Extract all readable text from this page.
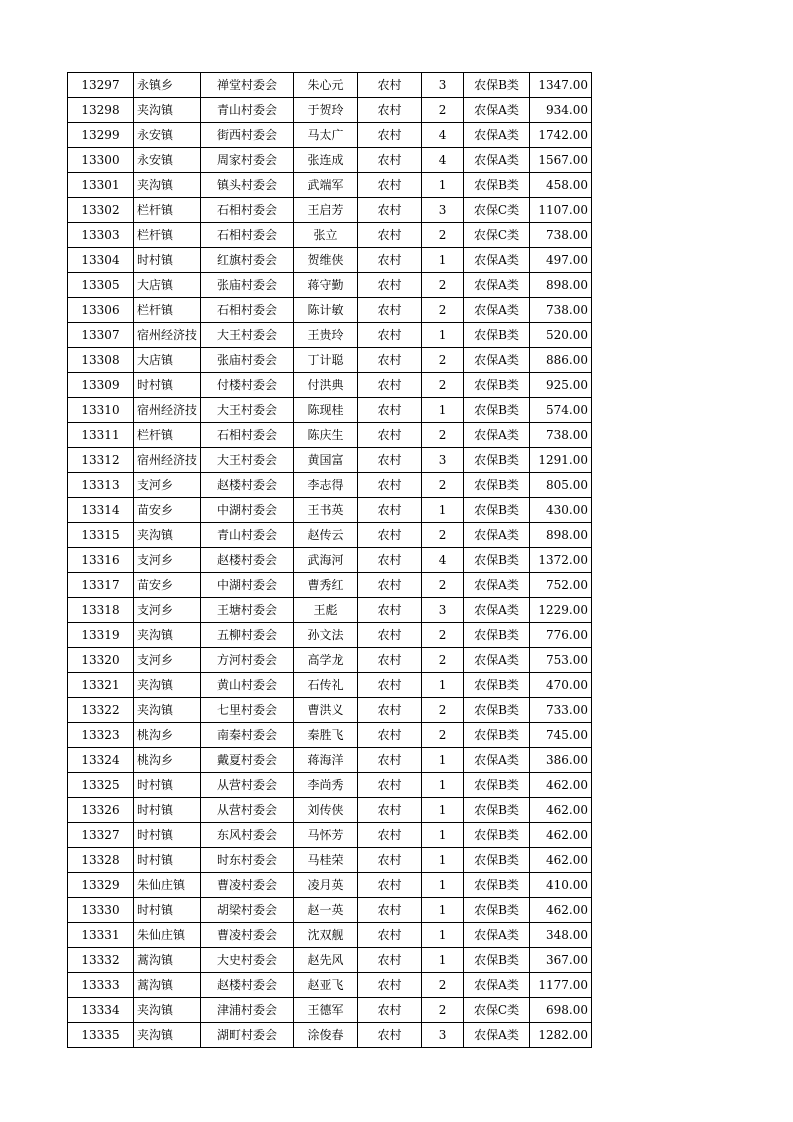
13297	永镇乡	禅堂村委会	朱心元	农村	3	农保B类	1347.00
13298	夹沟镇	青山村委会	于贺玲	农村	2	农保A类	934.00
13299	永安镇	街西村委会	马太广	农村	4	农保A类	1742.00
13300	永安镇	周家村委会	张连成	农村	4	农保A类	1567.00
13301	夹沟镇	镇头村委会	武端军	农村	1	农保B类	458.00
13302	栏杆镇	石相村委会	王启芳	农村	3	农保C类	1107.00
13303	栏杆镇	石相村委会	张立	农村	2	农保C类	738.00
13304	时村镇	红旗村委会	贺维侠	农村	1	农保A类	497.00
13305	大店镇	张庙村委会	蒋守勤	农村	2	农保A类	898.00
13306	栏杆镇	石相村委会	陈计敏	农村	2	农保A类	738.00
13307	宿州经济技	大王村委会	王贵玲	农村	1	农保B类	520.00
13308	大店镇	张庙村委会	丁计聪	农村	2	农保A类	886.00
13309	时村镇	付楼村委会	付洪典	农村	2	农保B类	925.00
13310	宿州经济技	大王村委会	陈现桂	农村	1	农保B类	574.00
13311	栏杆镇	石相村委会	陈庆生	农村	2	农保A类	738.00
13312	宿州经济技	大王村委会	黄国富	农村	3	农保B类	1291.00
13313	支河乡	赵楼村委会	李志得	农村	2	农保B类	805.00
13314	苗安乡	中湖村委会	王书英	农村	1	农保B类	430.00
13315	夹沟镇	青山村委会	赵传云	农村	2	农保A类	898.00
13316	支河乡	赵楼村委会	武海河	农村	4	农保B类	1372.00
13317	苗安乡	中湖村委会	曹秀红	农村	2	农保A类	752.00
13318	支河乡	王塘村委会	王彪	农村	3	农保A类	1229.00
13319	夹沟镇	五柳村委会	孙文法	农村	2	农保B类	776.00
13320	支河乡	方河村委会	高学龙	农村	2	农保A类	753.00
13321	夹沟镇	黄山村委会	石传礼	农村	1	农保B类	470.00
13322	夹沟镇	七里村委会	曹洪义	农村	2	农保B类	733.00
13323	桃沟乡	南秦村委会	秦胜飞	农村	2	农保B类	745.00
13324	桃沟乡	戴夏村委会	蒋海洋	农村	1	农保A类	386.00
13325	时村镇	从营村委会	李尚秀	农村	1	农保B类	462.00
13326	时村镇	从营村委会	刘传侠	农村	1	农保B类	462.00
13327	时村镇	东风村委会	马怀芳	农村	1	农保B类	462.00
13328	时村镇	时东村委会	马桂荣	农村	1	农保B类	462.00
13329	朱仙庄镇	曹凌村委会	凌月英	农村	1	农保B类	410.00
13330	时村镇	胡梁村委会	赵一英	农村	1	农保B类	462.00
13331	朱仙庄镇	曹凌村委会	沈双舰	农村	1	农保A类	348.00
13332	蒿沟镇	大史村委会	赵先风	农村	1	农保B类	367.00
13333	蒿沟镇	赵楼村委会	赵亚飞	农村	2	农保A类	1177.00
13334	夹沟镇	津浦村委会	王德军	农村	2	农保C类	698.00
13335	夹沟镇	湖町村委会	涂俊春	农村	3	农保A类	1282.00
